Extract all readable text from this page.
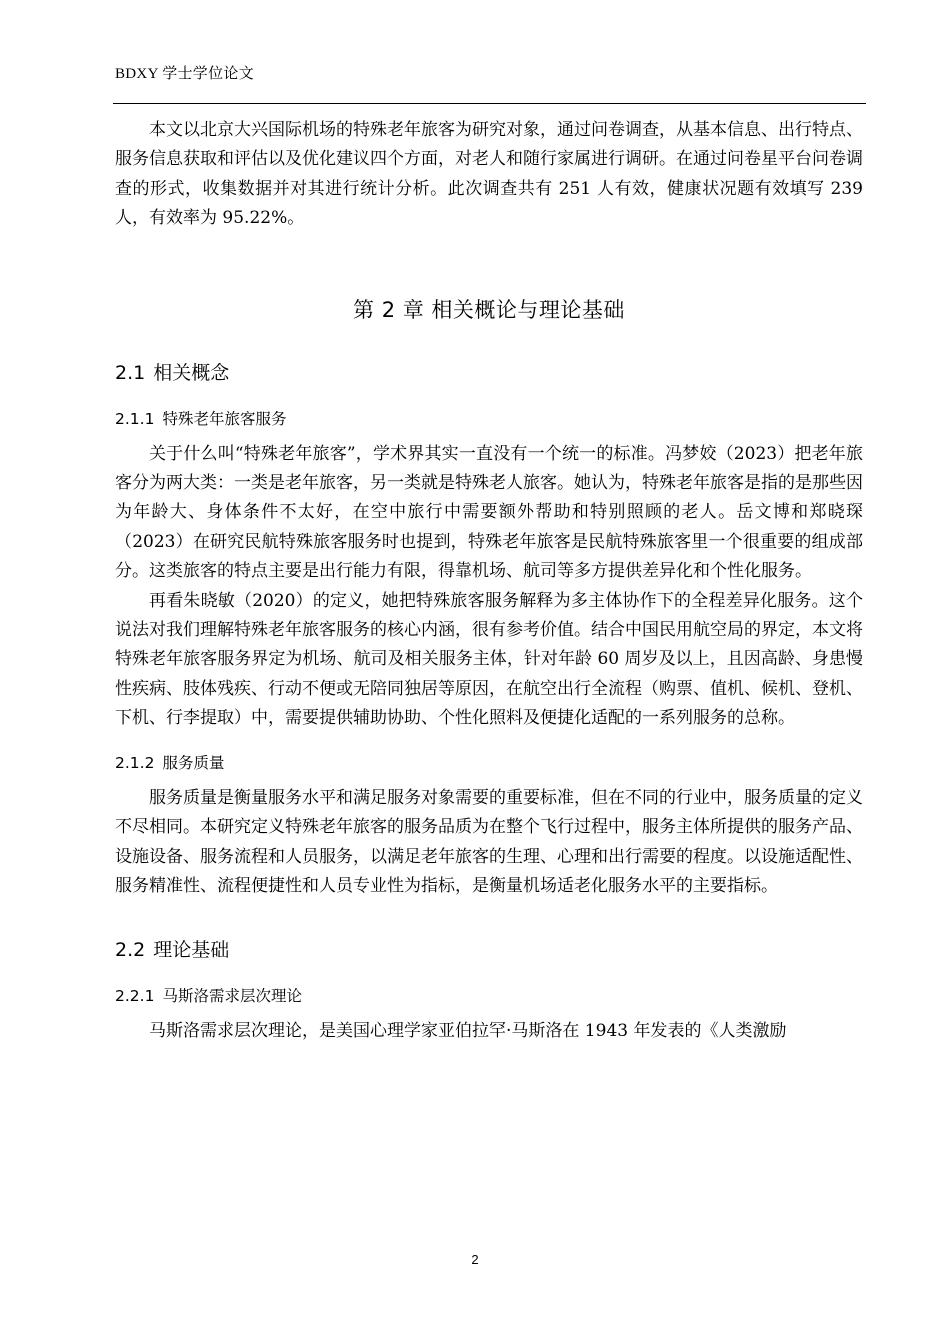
BDXY 学士学位论文

本文以北京大兴国际机场的特殊老年旅客为研究对象，通过问卷调查，从基本信息、出行特点、服务信息获取和评估以及优化建议四个方面，对老人和随行家属进行调研。在通过问卷星平台问卷调查的形式，收集数据并对其进行统计分析。此次调查共有 251 人有效，健康状况题有效填写 239 人，有效率为 95.22%。

第 2 章 相关概论与理论基础
2.1 相关概念
2.1.1 特殊老年旅客服务

关于什么叫“特殊老年旅客”，学术界其实一直没有一个统一的标准。冯梦姣（2023）把老年旅客分为两大类：一类是老年旅客，另一类就是特殊老人旅客。她认为，特殊老年旅客是指的是那些因为年龄大、身体条件不太好，在空中旅行中需要额外帮助和特别照顾的老人。岳文博和郑晓琛（2023）在研究民航特殊旅客服务时也提到，特殊老年旅客是民航特殊旅客里一个很重要的组成部分。这类旅客的特点主要是出行能力有限，得靠机场、航司等多方提供差异化和个性化服务。

再看朱晓敏（2020）的定义，她把特殊旅客服务解释为多主体协作下的全程差异化服务。这个说法对我们理解特殊老年旅客服务的核心内涵，很有参考价值。结合中国民用航空局的界定，本文将特殊老年旅客服务界定为机场、航司及相关服务主体，针对年龄 60 周岁及以上，且因高龄、身患慢性疾病、肢体残疾、行动不便或无陪同独居等原因，在航空出行全流程（购票、值机、候机、登机、下机、行李提取）中，需要提供辅助协助、个性化照料及便捷化适配的一系列服务的总称。

2.1.2 服务质量

服务质量是衡量服务水平和满足服务对象需要的重要标准，但在不同的行业中，服务质量的定义不尽相同。本研究定义特殊老年旅客的服务品质为在整个飞行过程中，服务主体所提供的服务产品、设施设备、服务流程和人员服务，以满足老年旅客的生理、心理和出行需要的程度。以设施适配性、服务精准性、流程便捷性和人员专业性为指标，是衡量机场适老化服务水平的主要指标。

2.2 理论基础
2.2.1 马斯洛需求层次理论

马斯洛需求层次理论，是美国心理学家亚伯拉罕·马斯洛在 1943 年发表的《人类激励

2
